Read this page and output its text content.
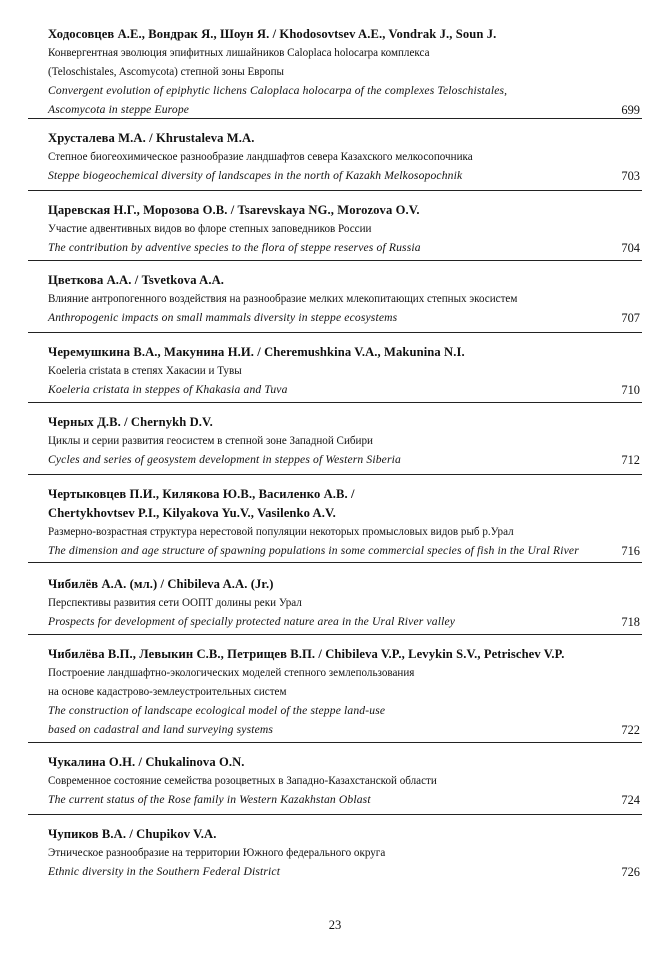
Ходосовцев А.Е., Вондрак Я., Шоун Я. / Khodosovtsev A.E., Vondrak J., Soun J.
Конвергентная эволюция эпифитных лишайников Caloplaca holocarpa комплекса
(Teloschistales, Ascomycota) степной зоны Европы
Convergent evolution of epiphytic lichens Caloplaca holocarpa of the complexes Teloschistales,
Ascomycota in steppe Europe	699
Хрусталева М.А. / Khrustaleva M.A.
Степное биогеохимическое разнообразие ландшафтов севера Казахского мелкосопочника
Steppe biogeochemical diversity of landscapes in the north of Kazakh Melkosopochnik	703
Царевская Н.Г., Морозова О.В. / Tsarevskaya NG., Morozova O.V.
Участие адвентивных видов во флоре степных заповедников России
The contribution by adventive species to the flora of steppe reserves of Russia	704
Цветкова А.А. / Tsvetkova A.A.
Влияние антропогенного воздействия на разнообразие мелких млекопитающих степных экосистем
Anthropogenic impacts on small mammals diversity in steppe ecosystems	707
Черемушкина В.А., Макунина Н.И. / Cheremushkina V.A., Makunina N.I.
Koeleria cristata в степях Хакасии и Тувы
Koeleria cristata in steppes of Khakasia and Tuva	710
Черных Д.В. / Chernykh D.V.
Циклы и серии развития геосистем в степной зоне Западной Сибири
Cycles and series of geosystem development in steppes of Western Siberia	712
Чертыковцев П.И., Килякова Ю.В., Василенко А.В. /
Chertykhovtsev P.I., Kilyakova Yu.V., Vasilenko A.V.
Размерно-возрастная структура нерестовой популяции некоторых промысловых видов рыб р.Урал
The dimension and age structure of spawning populations in some commercial species of fish in the Ural River	716
Чибилёв А.А. (мл.) / Chibileva A.A. (Jr.)
Перспективы развития сети ООПТ долины реки Урал
Prospects for development of specially protected nature area in the Ural River valley	718
Чибилёва В.П., Левыкин С.В., Петрищев В.П. / Chibileva V.P., Levykin S.V., Petrischev V.P.
Построение ландшафтно-экологических моделей степного землепользования
на основе кадастрово-землеустроительных систем
The construction of landscape ecological model of the steppe land-use
based on cadastral and land surveying systems	722
Чукалина О.Н. / Chukalinova O.N.
Современное состояние семейства розоцветных в Западно-Казахстанской области
The current status of the Rose family in Western Kazakhstan Oblast	724
Чупиков В.А. / Chupikov V.A.
Этническое разнообразие на территории Южного федерального округа
Ethnic diversity in the Southern Federal District	726
23
